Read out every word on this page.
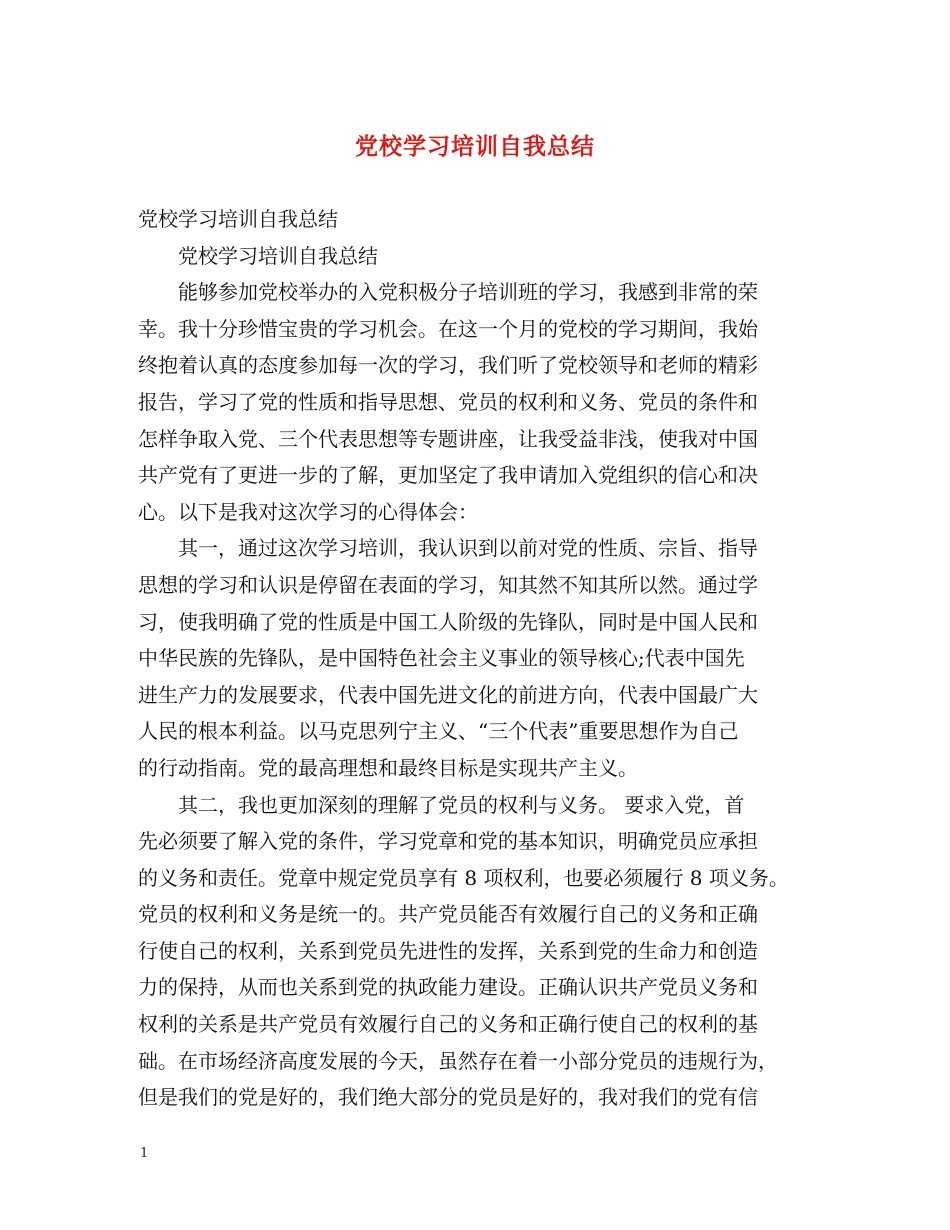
党校学习培训自我总结
党校学习培训自我总结
　　党校学习培训自我总结
　　能够参加党校举办的入党积极分子培训班的学习，我感到非常的荣
幸。我十分珍惜宝贵的学习机会。在这一个月的党校的学习期间，我始
终抱着认真的态度参加每一次的学习，我们听了党校领导和老师的精彩
报告，学习了党的性质和指导思想、党员的权利和义务、党员的条件和
怎样争取入党、三个代表思想等专题讲座，让我受益非浅，使我对中国
共产党有了更进一步的了解，更加坚定了我申请加入党组织的信心和决
心。以下是我对这次学习的心得体会：
　　其一，通过这次学习培训，我认识到以前对党的性质、宗旨、指导
思想的学习和认识是停留在表面的学习，知其然不知其所以然。通过学
习，使我明确了党的性质是中国工人阶级的先锋队，同时是中国人民和
中华民族的先锋队，是中国特色社会主义事业的领导核心;代表中国先
进生产力的发展要求，代表中国先进文化的前进方向，代表中国最广大
人民的根本利益。以马克思列宁主义、“三个代表”重要思想作为自己
的行动指南。党的最高理想和最终目标是实现共产主义。
　　其二，我也更加深刻的理解了党员的权利与义务。 要求入党，首
先必须要了解入党的条件，学习党章和党的基本知识，明确党员应承担
的义务和责任。党章中规定党员享有 8 项权利，也要必须履行 8 项义务。
党员的权利和义务是统一的。共产党员能否有效履行自己的义务和正确
行使自己的权利，关系到党员先进性的发挥，关系到党的生命力和创造
力的保持，从而也关系到党的执政能力建设。正确认识共产党员义务和
权利的关系是共产党员有效履行自己的义务和正确行使自己的权利的基
础。在市场经济高度发展的今天，虽然存在着一小部分党员的违规行为，
但是我们的党是好的，我们绝大部分的党员是好的，我对我们的党有信
1
